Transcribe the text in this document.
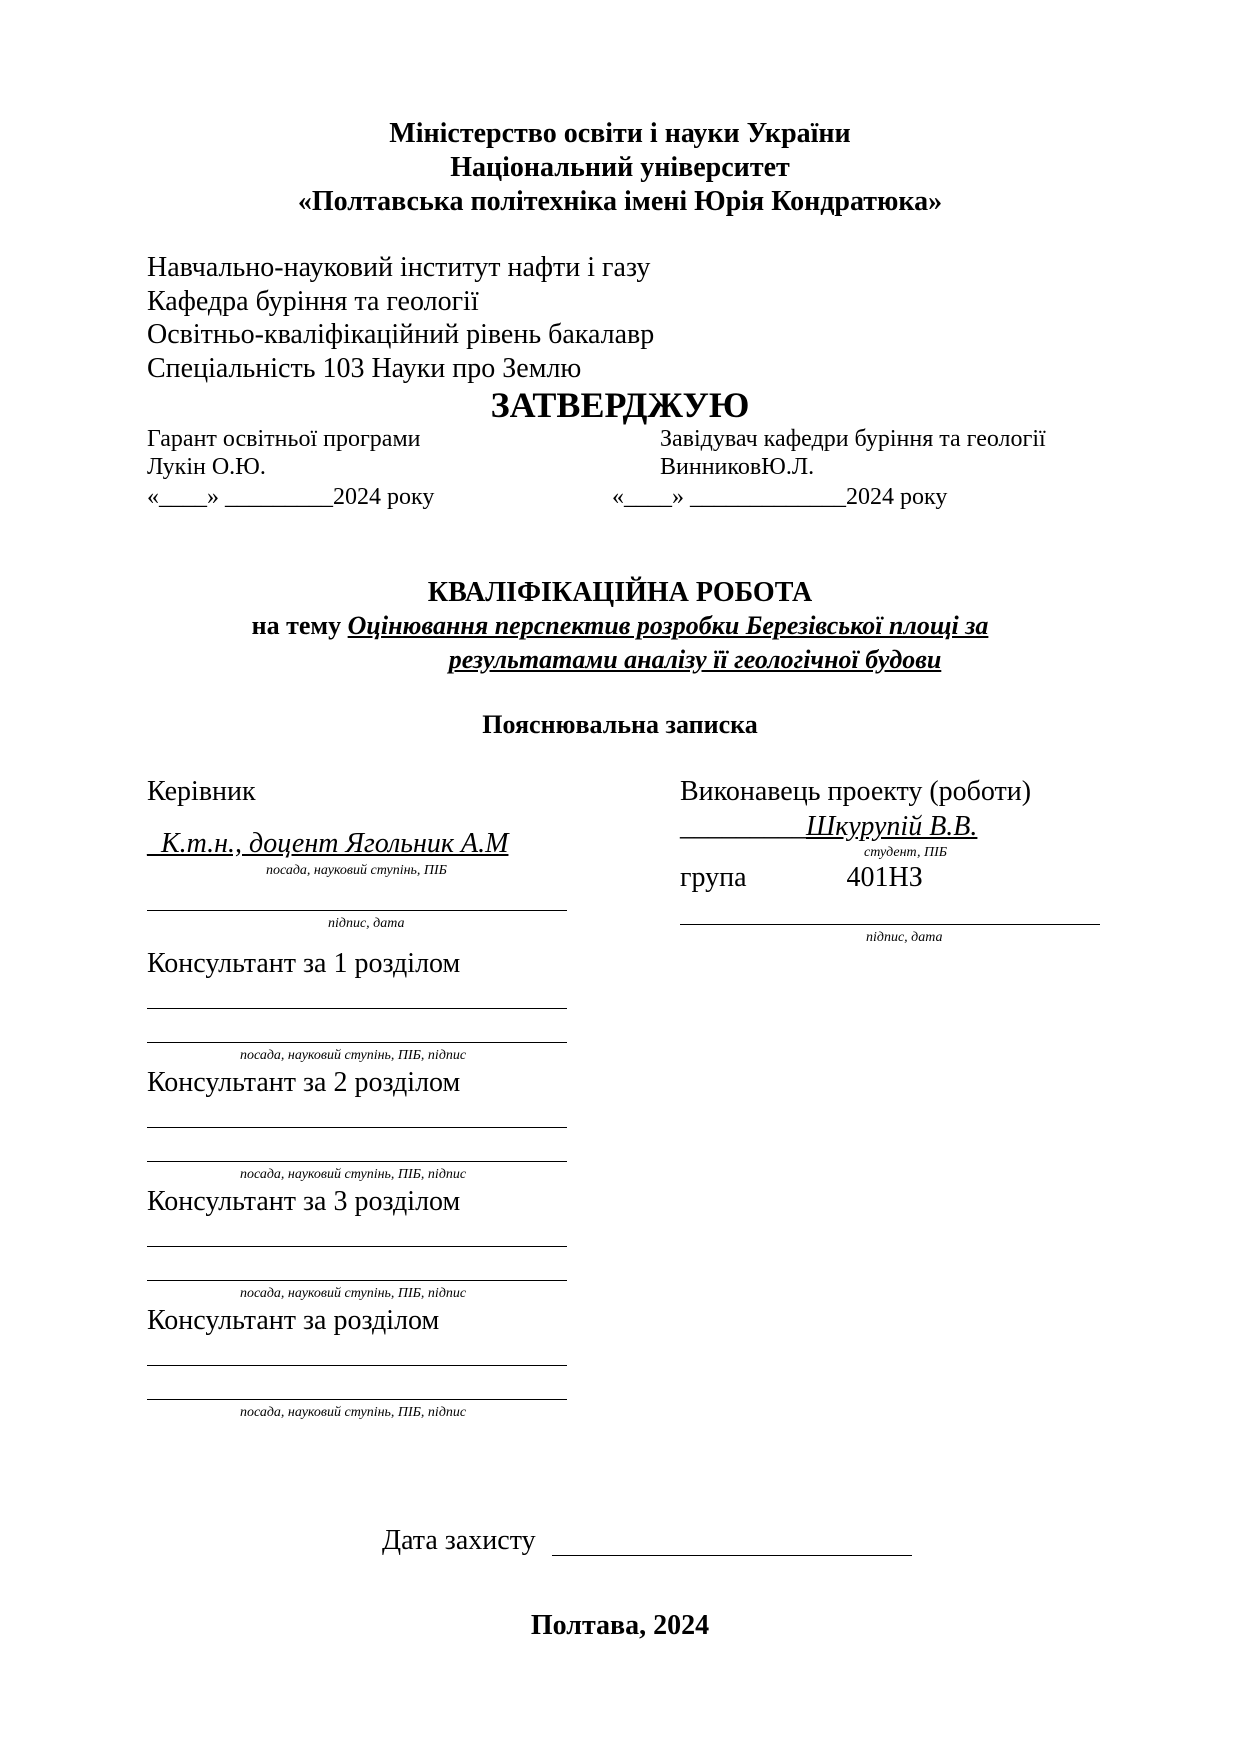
Міністерство освіти і науки України
Національний університет
«Полтавська політехніка імені Юрія Кондратюка»
Навчально-науковий інститут нафти і газу
Кафедра буріння та геології
Освітньо-кваліфікаційний рівень бакалавр
Спеціальність 103 Науки про Землю
ЗАТВЕРДЖУЮ
Гарант освітньої програми
Лукін О.Ю.
«____» _________2024 року
Завідувач кафедри буріння та геології
ВинниковЮ.Л.
«____» _____________2024 року
КВАЛІФІКАЦІЙНА РОБОТА
на тему Оцінювання перспектив розробки Березівської площі за
результатами аналізу її геологічної будови
Пояснювальна записка
Керівник
_К.т.н., доцент Ягольник А.М
посада, науковий ступінь, ПІБ
підпис, дата
Виконавець проекту (роботи)
_________Шкурупій В.В.
студент, ПІБ
група	401НЗ
підпис, дата
Консультант за 1 розділом
посада, науковий ступінь, ПІБ, підпис
Консультант за 2 розділом
посада, науковий ступінь, ПІБ, підпис
Консультант за 3 розділом
посада, науковий ступінь, ПІБ, підпис
Консультант за розділом
посада, науковий ступінь, ПІБ, підпис
Дата захисту
Полтава, 2024
